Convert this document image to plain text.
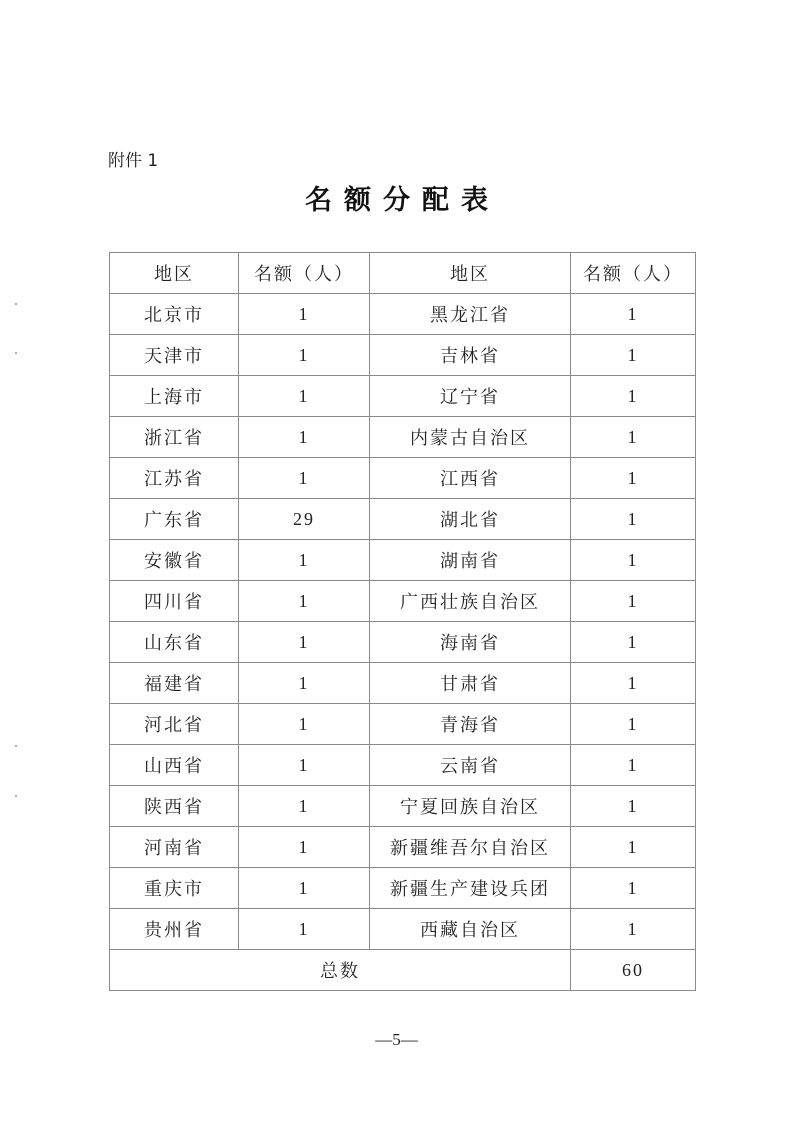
附件 1
名额分配表
地区	名额（人）	地区	名额（人）
北京市	1	黑龙江省	1
天津市	1	吉林省	1
上海市	1	辽宁省	1
浙江省	1	内蒙古自治区	1
江苏省	1	江西省	1
广东省	29	湖北省	1
安徽省	1	湖南省	1
四川省	1	广西壮族自治区	1
山东省	1	海南省	1
福建省	1	甘肃省	1
河北省	1	青海省	1
山西省	1	云南省	1
陕西省	1	宁夏回族自治区	1
河南省	1	新疆维吾尔自治区	1
重庆市	1	新疆生产建设兵团	1
贵州省	1	西藏自治区	1
总数			60
—5—
